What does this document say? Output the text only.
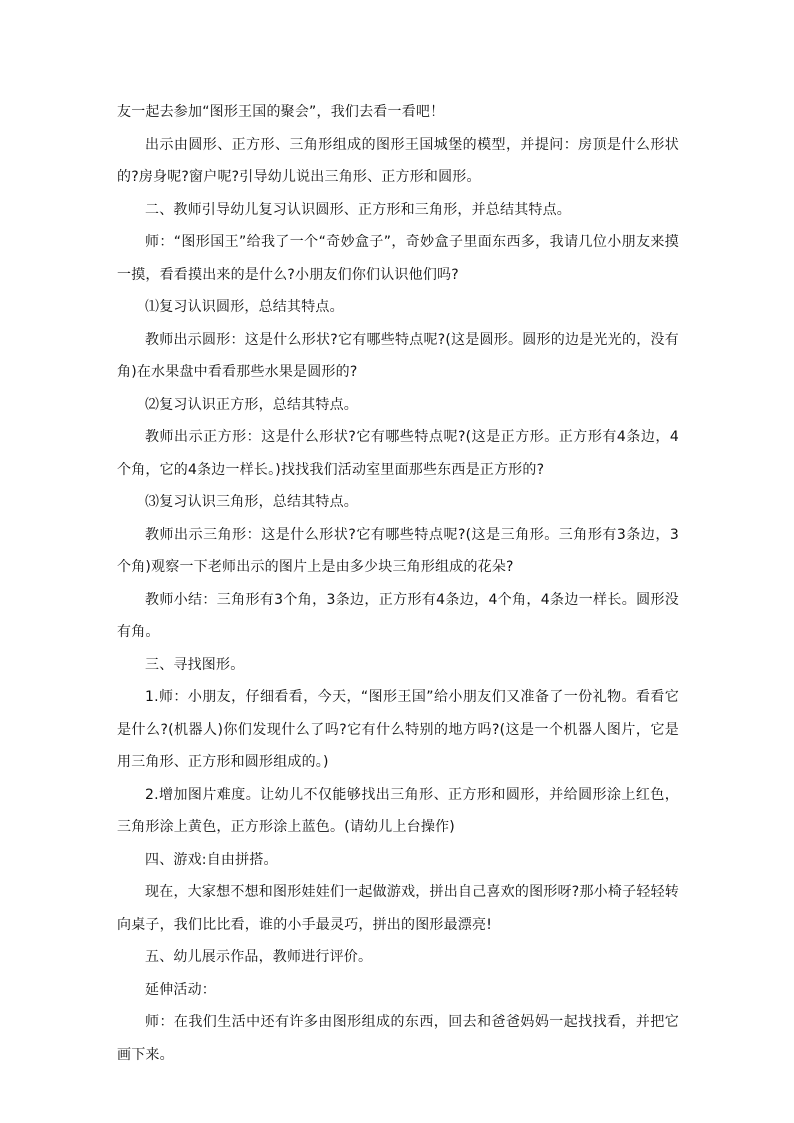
友一起去参加“图形王国的聚会”，我们去看一看吧！

出示由圆形、正方形、三角形组成的图形王国城堡的模型，并提问：房顶是什么形状的?房身呢?窗户呢?引导幼儿说出三角形、正方形和圆形。

二、教师引导幼儿复习认识圆形、正方形和三角形，并总结其特点。

师：“图形国王”给我了一个“奇妙盒子”，奇妙盒子里面东西多，我请几位小朋友来摸一摸，看看摸出来的是什么?小朋友们你们认识他们吗?

⑴复习认识圆形，总结其特点。

教师出示圆形：这是什么形状?它有哪些特点呢?(这是圆形。圆形的边是光光的，没有角)在水果盘中看看那些水果是圆形的?

⑵复习认识正方形，总结其特点。

教师出示正方形：这是什么形状?它有哪些特点呢?(这是正方形。正方形有4条边，4个角，它的4条边一样长。)找找我们活动室里面那些东西是正方形的?

⑶复习认识三角形，总结其特点。

教师出示三角形：这是什么形状?它有哪些特点呢?(这是三角形。三角形有3条边，3个角)观察一下老师出示的图片上是由多少块三角形组成的花朵?

教师小结：三角形有3个角，3条边，正方形有4条边，4个角，4条边一样长。圆形没有角。

三、寻找图形。

1.师：小朋友，仔细看看，今天，“图形王国”给小朋友们又准备了一份礼物。看看它是什么?(机器人)你们发现什么了吗?它有什么特别的地方吗?(这是一个机器人图片，它是用三角形、正方形和圆形组成的。)

2.增加图片难度。让幼儿不仅能够找出三角形、正方形和圆形，并给圆形涂上红色，三角形涂上黄色，正方形涂上蓝色。(请幼儿上台操作)

四、游戏:自由拼搭。

现在，大家想不想和图形娃娃们一起做游戏，拼出自己喜欢的图形呀?那小椅子轻轻转向桌子，我们比比看，谁的小手最灵巧，拼出的图形最漂亮!

五、幼儿展示作品，教师进行评价。

延伸活动：

师：在我们生活中还有许多由图形组成的东西，回去和爸爸妈妈一起找找看，并把它画下来。
